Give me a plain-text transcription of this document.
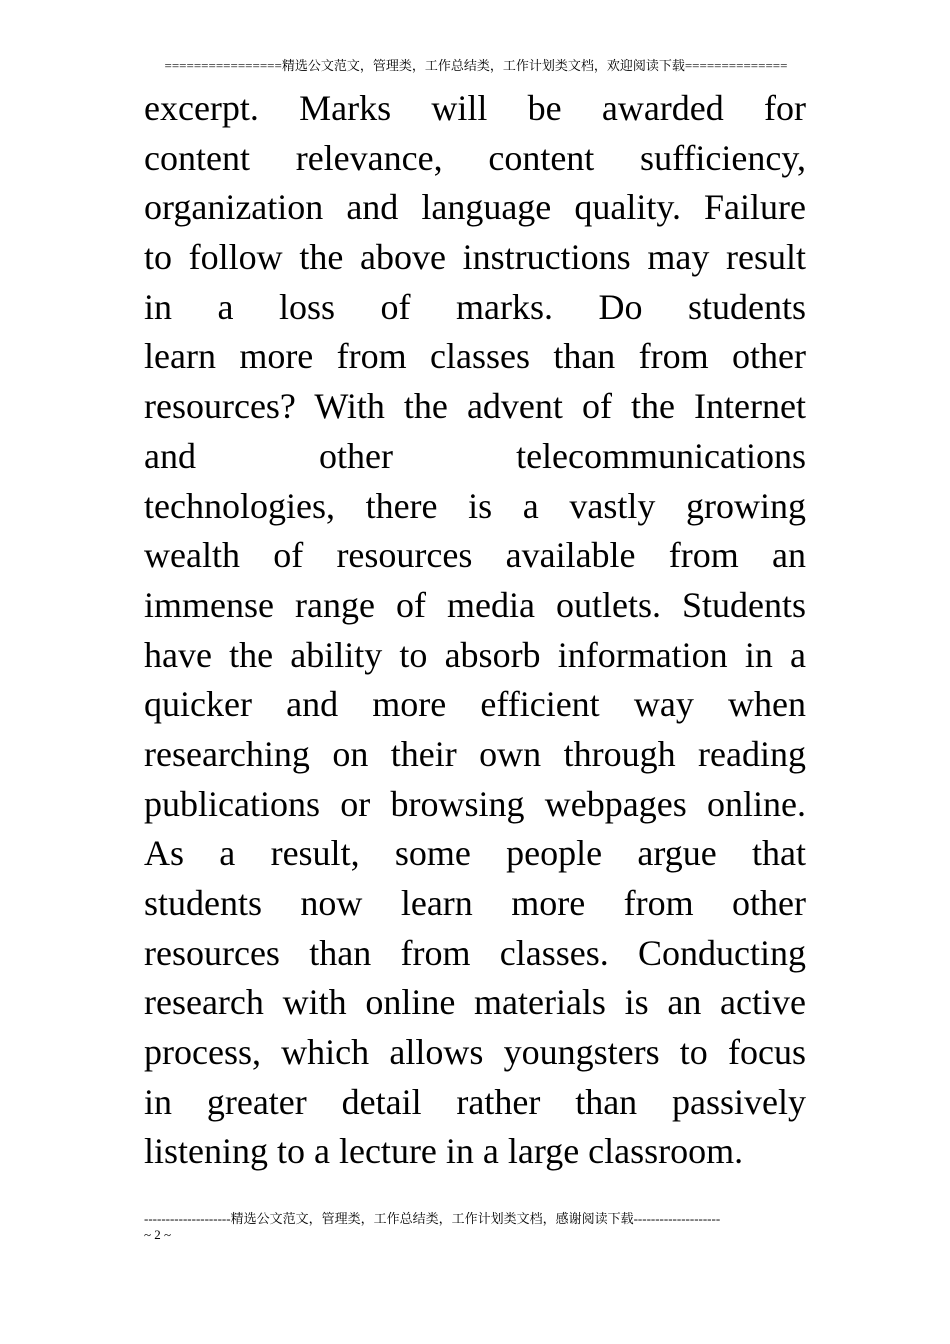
================精选公文范文，管理类，工作总结类，工作计划类文档，欢迎阅读下载==============
excerpt. Marks will be awarded for
content relevance, content sufficiency,
organization and language quality. Failure
to follow the above instructions may result
in a loss of marks. Do students
learn more from classes than from other
resources? With the advent of the Internet
and other telecommunications
technologies, there is a vastly growing
wealth of resources available from an
immense range of media outlets. Students
have the ability to absorb information in a
quicker and more efficient way when
researching on their own through reading
publications or browsing webpages online.
As a result, some people argue that
students now learn more from other
resources than from classes. Conducting
research with online materials is an active
process, which allows youngsters to focus
in greater detail rather than passively
listening to a lecture in a large classroom.
--------------------精选公文范文，管理类，工作总结类，工作计划类文档，感谢阅读下载--------------------
~ 2 ~
